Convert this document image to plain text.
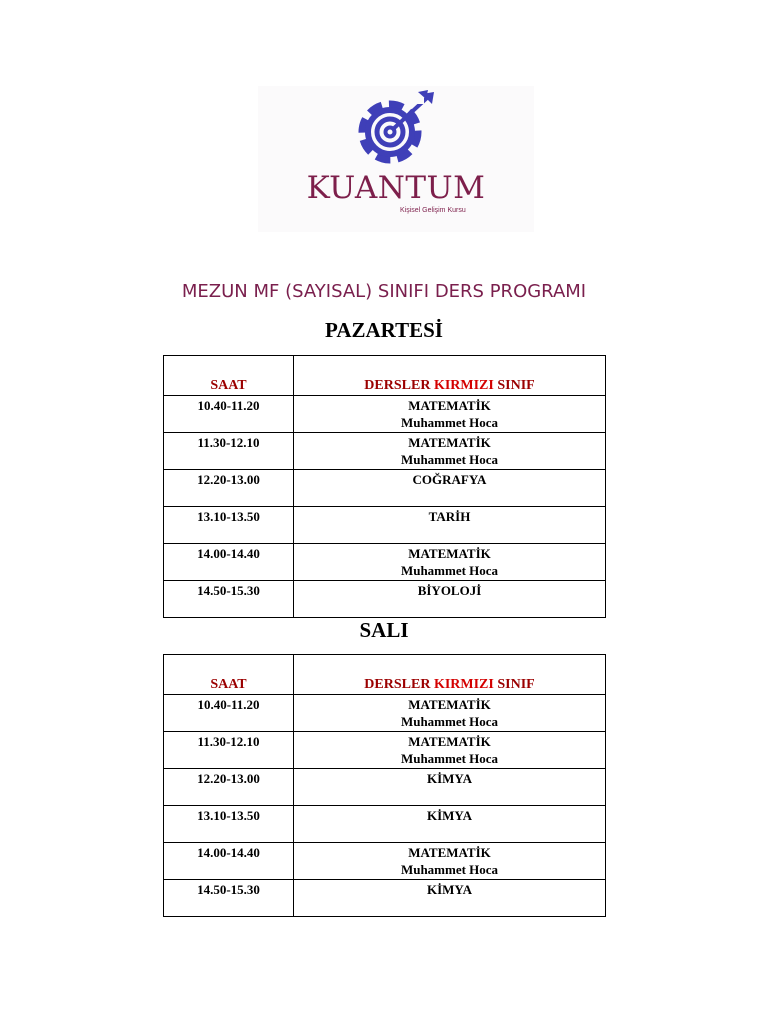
KUANTUM
Kişisel Gelişim Kursu
MEZUN MF (SAYISAL) SINIFI DERS PROGRAMI
PAZARTESİ
SAAT	DERSLER KIRMIZI SINIF
10.40-11.20	MATEMATİK
Muhammet Hoca

11.30-12.10	MATEMATİK
Muhammet Hoca

12.20-13.00	COĞRAFYA

13.10-13.50	TARİH

14.00-14.40	MATEMATİK
Muhammet Hoca

14.50-15.30	BİYOLOJİ
SALI
SAAT	DERSLER KIRMIZI SINIF
10.40-11.20	MATEMATİK
Muhammet Hoca

11.30-12.10	MATEMATİK
Muhammet Hoca

12.20-13.00	KİMYA

13.10-13.50	KİMYA

14.00-14.40	MATEMATİK
Muhammet Hoca

14.50-15.30	KİMYA
